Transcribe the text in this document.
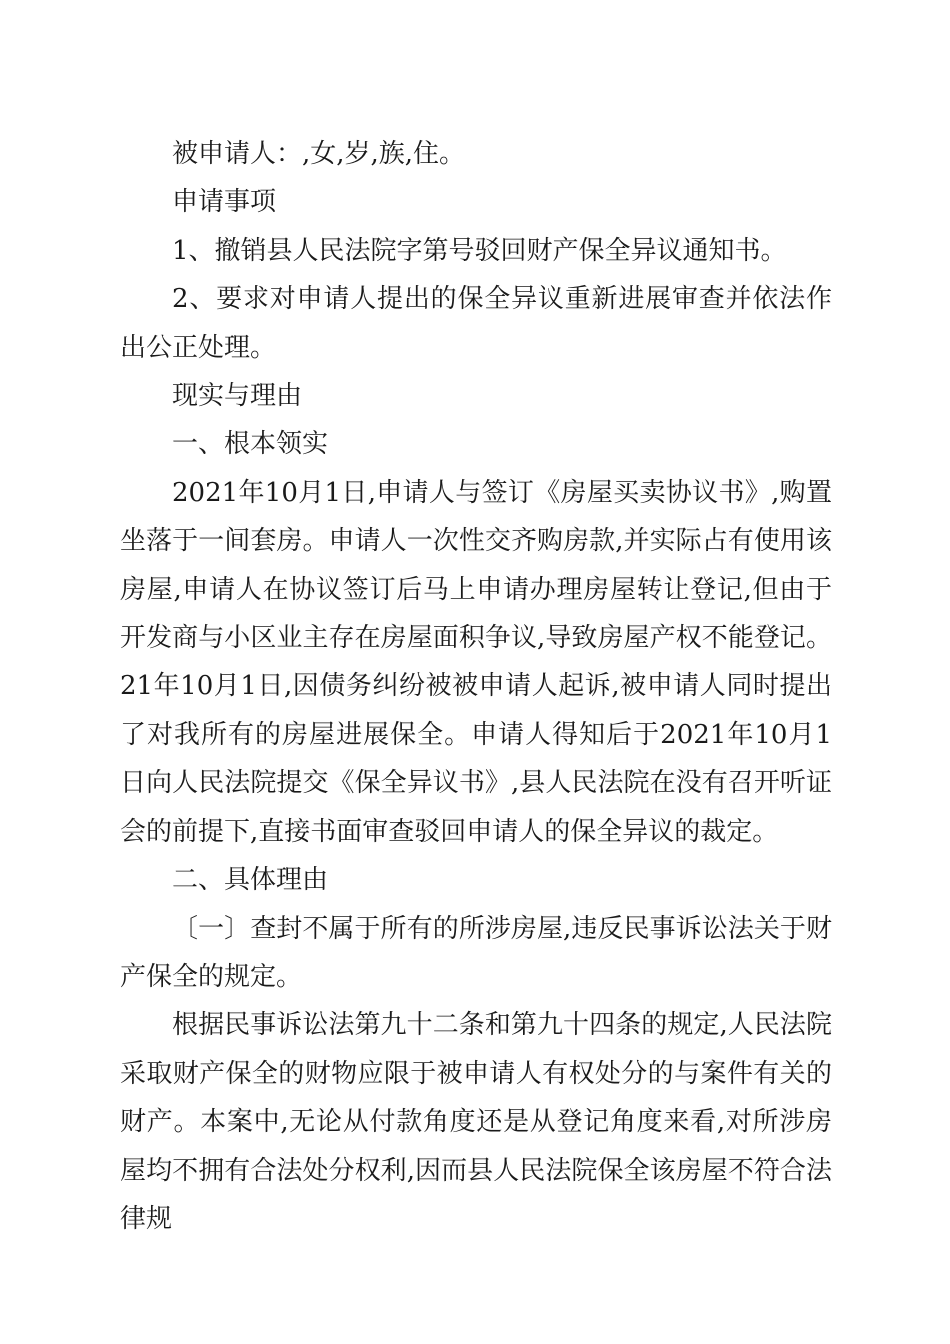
被申请人：,女,岁,族,住。

申请事项

1、撤销县人民法院字第号驳回财产保全异议通知书。

2、要求对申请人提出的保全异议重新进展审查并依法作出公正处理。

现实与理由

一、根本领实

2021年10月1日,申请人与签订《房屋买卖协议书》,购置坐落于一间套房。申请人一次性交齐购房款,并实际占有使用该房屋,申请人在协议签订后马上申请办理房屋转让登记,但由于开发商与小区业主存在房屋面积争议,导致房屋产权不能登记。21年10月1日,因债务纠纷被被申请人起诉,被申请人同时提出了对我所有的房屋进展保全。申请人得知后于2021年10月1日向人民法院提交《保全异议书》,县人民法院在没有召开听证会的前提下,直接书面审查驳回申请人的保全异议的裁定。

二、具体理由

〔一〕查封不属于所有的所涉房屋,违反民事诉讼法关于财产保全的规定。

根据民事诉讼法第九十二条和第九十四条的规定,人民法院采取财产保全的财物应限于被申请人有权处分的与案件有关的财产。本案中,无论从付款角度还是从登记角度来看,对所涉房屋均不拥有合法处分权利,因而县人民法院保全该房屋不符合法律规
